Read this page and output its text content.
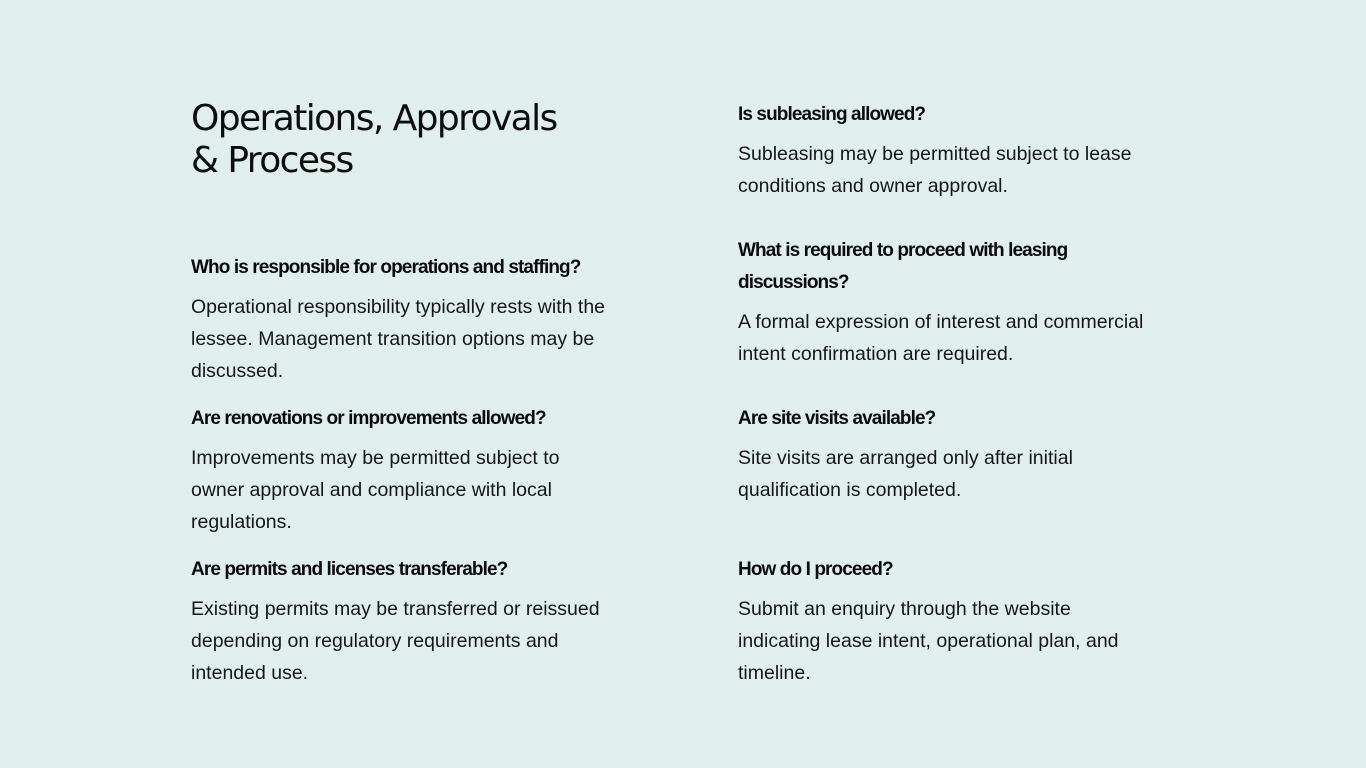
Operations, Approvals
& Process

Who is responsible for operations and staffing?

Operational responsibility typically rests with the
lessee. Management transition options may be
discussed.

Are renovations or improvements allowed?

Improvements may be permitted subject to
owner approval and compliance with local
regulations.

Are permits and licenses transferable?

Existing permits may be transferred or reissued
depending on regulatory requirements and
intended use.

Is subleasing allowed?

Subleasing may be permitted subject to lease
conditions and owner approval.

What is required to proceed with leasing
discussions?

A formal expression of interest and commercial
intent confirmation are required.

Are site visits available?

Site visits are arranged only after initial
qualification is completed.

How do I proceed?

Submit an enquiry through the website
indicating lease intent, operational plan, and
timeline.
